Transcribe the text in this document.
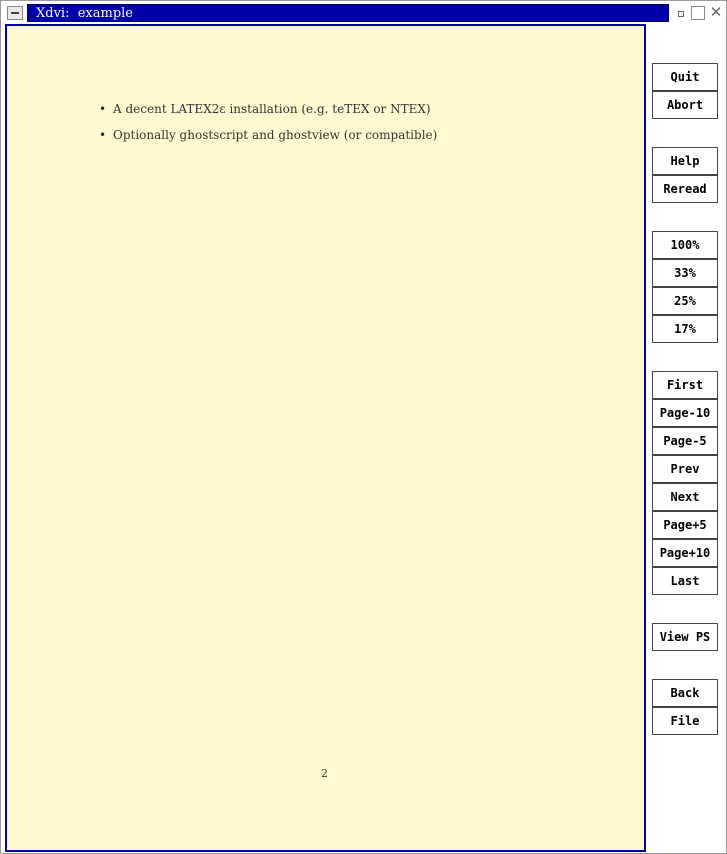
Xdvi:  example	✕
• A decent LATEX2ε installation (e.g. teTEX or NTEX)
• Optionally ghostscript and ghostview (or compatible)
2
Quit
Abort
Help
Reread
100%
33%
25%
17%
First
Page-10
Page-5
Prev
Next
Page+5
Page+10
Last
View PS
Back
File
